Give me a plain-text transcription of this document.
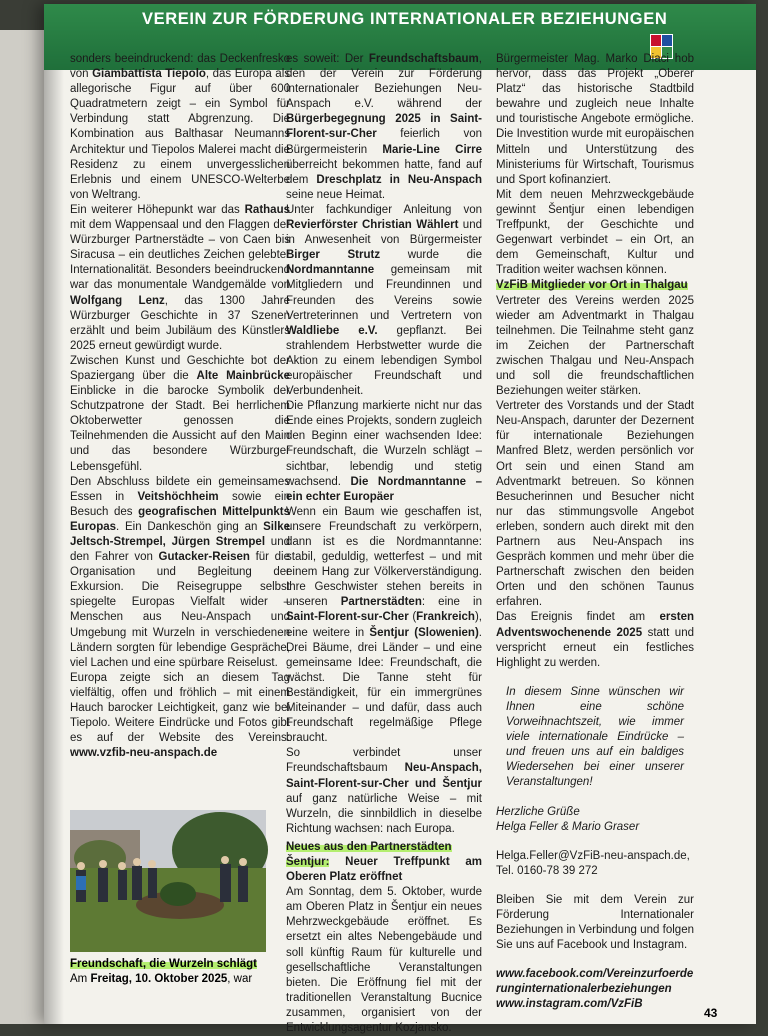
VEREIN ZUR FÖRDERUNG INTERNATIONALER BEZIEHUNGEN

sonders beeindruckend: das Deckenfresko von Giambattista Tiepolo, das Europa als allegorische Figur auf über 600 Quadratmetern zeigt – ein Symbol für Verbindung statt Abgrenzung. Die Kombination aus Balthasar Neumanns Architektur und Tiepolos Malerei macht die Residenz zu einem unvergesslichen Erlebnis und einem UNESCO-Welterbe von Weltrang.

Ein weiterer Höhepunkt war das Rathaus mit dem Wappensaal und den Flaggen der Würzburger Partnerstädte – von Caen bis Siracusa – ein deutliches Zeichen gelebter Internationalität. Besonders beeindruckend war das monumentale Wandgemälde von Wolfgang Lenz, das 1300 Jahre Würzburger Geschichte in 37 Szenen erzählt und beim Jubiläum des Künstlers 2025 erneut gewürdigt wurde.

Zwischen Kunst und Geschichte bot der Spaziergang über die Alte Mainbrücke Einblicke in die barocke Symbolik der Schutzpatrone der Stadt. Bei herrlichem Oktoberwetter genossen die Teilnehmenden die Aussicht auf den Main und das besondere Würzburger Lebensgefühl.

Den Abschluss bildete ein gemeinsames Essen in Veitshöchheim sowie ein Besuch des geografischen Mittelpunkts Europas. Ein Dankeschön ging an Silke Jeltsch-Strempel, Jürgen Strempel und den Fahrer von Gutacker-Reisen für die Organisation und Begleitung der Exkursion. Die Reisegruppe selbst spiegelte Europas Vielfalt wider – Menschen aus Neu-Anspach und Umgebung mit Wurzeln in verschiedenen Ländern sorgten für lebendige Gespräche, viel Lachen und eine spürbare Reiselust.

Europa zeigte sich an diesem Tag vielfältig, offen und fröhlich – mit einem Hauch barocker Leichtigkeit, ganz wie bei Tiepolo. Weitere Eindrücke und Fotos gibt es auf der Website des Vereins: www.vzfib-neu-anspach.de

Freundschaft, die Wurzeln schlägt
Am Freitag, 10. Oktober 2025, war

es soweit: Der Freundschaftsbaum, den der Verein zur Förderung internationaler Beziehungen Neu-Anspach e.V. während der Bürgerbegegnung 2025 in Saint-Florent-sur-Cher feierlich von Bürgermeisterin Marie-Line Cirre überreicht bekommen hatte, fand auf dem Dreschplatz in Neu-Anspach seine neue Heimat.

Unter fachkundiger Anleitung von Revierförster Christian Wählert und in Anwesenheit von Bürgermeister Birger Strutz wurde die Nordmanntanne gemeinsam mit Mitgliedern und Freundinnen und Freunden des Vereins sowie Vertreterinnen und Vertretern von Waldliebe e.V. gepflanzt. Bei strahlendem Herbstwetter wurde die Aktion zu einem lebendigen Symbol europäischer Freundschaft und Verbundenheit.

Die Pflanzung markierte nicht nur das Ende eines Projekts, sondern zugleich den Beginn einer wachsenden Idee: Freundschaft, die Wurzeln schlägt – sichtbar, lebendig und stetig wachsend. Die Nordmanntanne – ein echter Europäer

Wenn ein Baum wie geschaffen ist, unsere Freundschaft zu verkörpern, dann ist es die Nordmanntanne: stabil, geduldig, wetterfest – und mit einem Hang zur Völkerverständigung. Ihre Geschwister stehen bereits in unseren Partnerstädten: eine in Saint-Florent-sur-Cher (Frankreich), eine weitere in Šentjur (Slowenien). Drei Bäume, drei Länder – und eine gemeinsame Idee: Freundschaft, die wächst. Die Tanne steht für Beständigkeit, für ein immergrünes Miteinander – und dafür, dass auch Freundschaft regelmäßige Pflege braucht.

So verbindet unser Freundschaftsbaum Neu-Anspach, Saint-Florent-sur-Cher und Šentjur auf ganz natürliche Weise – mit Wurzeln, die sinnbildlich in dieselbe Richtung wachsen: nach Europa.

Neues aus den Partnerstädten
Šentjur: Neuer Treffpunkt am Oberen Platz eröffnet

Am Sonntag, dem 5. Oktober, wurde am Oberen Platz in Šentjur ein neues Mehrzweckgebäude eröffnet. Es ersetzt ein altes Nebengebäude und soll künftig Raum für kulturelle und gesellschaftliche Veranstaltungen bieten. Die Eröffnung fiel mit der traditionellen Veranstaltung Bucnice zusammen, organisiert von der Entwicklungsagentur Kozjansko.

Bürgermeister Mag. Marko Diaci hob hervor, dass das Projekt „Oberer Platz“ das historische Stadtbild bewahre und zugleich neue Inhalte und touristische Angebote ermögliche. Die Investition wurde mit europäischen Mitteln und Unterstützung des Ministeriums für Wirtschaft, Tourismus und Sport kofinanziert.

Mit dem neuen Mehrzweckgebäude gewinnt Šentjur einen lebendigen Treffpunkt, der Geschichte und Gegenwart verbindet – ein Ort, an dem Gemeinschaft, Kultur und Tradition weiter wachsen können.

VzFiB Mitglieder vor Ort in Thalgau

Vertreter des Vereins werden 2025 wieder am Adventmarkt in Thalgau teilnehmen. Die Teilnahme steht ganz im Zeichen der Partnerschaft zwischen Thalgau und Neu-Anspach und soll die freundschaftlichen Beziehungen weiter stärken.

Vertreter des Vorstands und der Stadt Neu-Anspach, darunter der Dezernent für internationale Beziehungen Manfred Bletz, werden persönlich vor Ort sein und einen Stand am Adventmarkt betreuen. So können Besucherinnen und Besucher nicht nur das stimmungsvolle Angebot erleben, sondern auch direkt mit den Partnern aus Neu-Anspach ins Gespräch kommen und mehr über die Partnerschaft zwischen den beiden Orten und den schönen Taunus erfahren.

Das Ereignis findet am ersten Adventswochenende 2025 statt und verspricht erneut ein festliches Highlight zu werden.

In diesem Sinne wünschen wir Ihnen eine schöne Vorweihnachtszeit, wie immer viele internationale Eindrücke – und freuen uns auf ein baldiges Wiedersehen bei einer unserer Veranstaltungen!

Herzliche Grüße

Helga Feller & Mario Graser

Helga.Feller@VzFiB-neu-anspach.de,

Tel. 0160-78 39 272

Bleiben Sie mit dem Verein zur Förderung Internationaler Beziehungen in Verbindung und folgen Sie uns auf Facebook und Instagram.

www.facebook.com/Vereinzurfoerderunginternationalerbeziehungen

www.instagram.com/VzFiB

43
